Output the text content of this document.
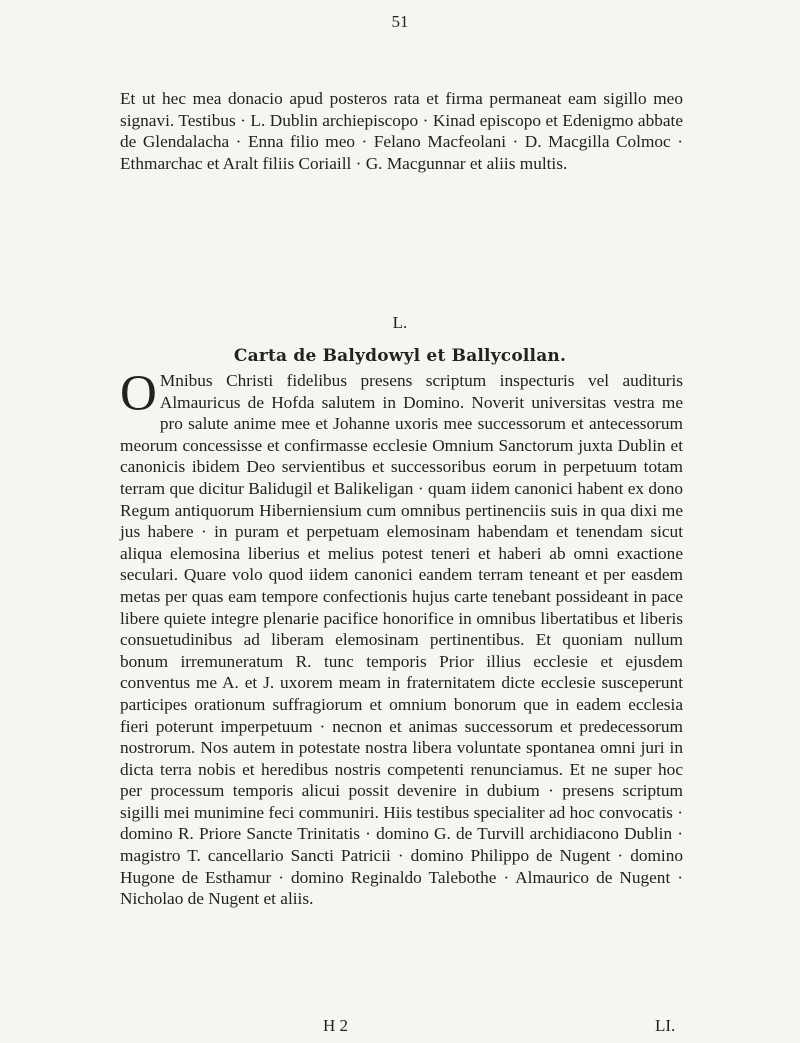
51

Et ut hec mea donacio apud posteros rata et firma permaneat eam sigillo meo signavi. Testibus · L. Dublin archiepiscopo · Kinad episcopo et Edenigmo abbate de Glendalacha · Enna filio meo · Felano Macfeolani · D. Macgilla Colmoc · Ethmarchac et Aralt filiis Coriaill · G. Macgunnar et aliis multis.

L.
Carta de Balydowyl et Ballycollan.

O Mnibus Christi fidelibus presens scriptum inspecturis vel audituris Almauricus de Hofda salutem in Domino. Noverit universitas vestra me pro salute anime mee et Johanne uxoris mee successorum et antecessorum meorum concessisse et confirmasse ecclesie Omnium Sanctorum juxta Dublin et canonicis ibidem Deo servientibus et successoribus eorum in perpetuum totam terram que dicitur Balidugil et Balikeligan · quam iidem canonici habent ex dono Regum antiquorum Hiberniensium cum omnibus pertinenciis suis in qua dixi me jus habere · in puram et perpetuam elemosinam habendam et tenendam sicut aliqua elemosina liberius et melius potest teneri et haberi ab omni exactione seculari. Quare volo quod iidem canonici eandem terram teneant et per easdem metas per quas eam tempore confectionis hujus carte tenebant possideant in pace libere quiete integre plenarie pacifice honorifice in omnibus libertatibus et liberis consuetudinibus ad liberam elemosinam pertinentibus. Et quoniam nullum bonum irremuneratum R. tunc temporis Prior illius ecclesie et ejusdem conventus me A. et J. uxorem meam in fraternitatem dicte ecclesie susceperunt participes orationum suffragiorum et omnium bonorum que in eadem ecclesia fieri poterunt imperpetuum · necnon et animas successorum et predecessorum nostrorum. Nos autem in potestate nostra libera voluntate spontanea omni juri in dicta terra nobis et heredibus nostris competenti renunciamus. Et ne super hoc per processum temporis alicui possit devenire in dubium · presens scriptum sigilli mei munimine feci communiri. Hiis testibus specialiter ad hoc convocatis · domino R. Priore Sancte Trinitatis · domino G. de Turvill archidiacono Dublin · magistro T. cancellario Sancti Patricii · domino Philippo de Nugent · domino Hugone de Esthamur · domino Reginaldo Talebothe · Almaurico de Nugent · Nicholao de Nugent et aliis.

H 2	LI.
